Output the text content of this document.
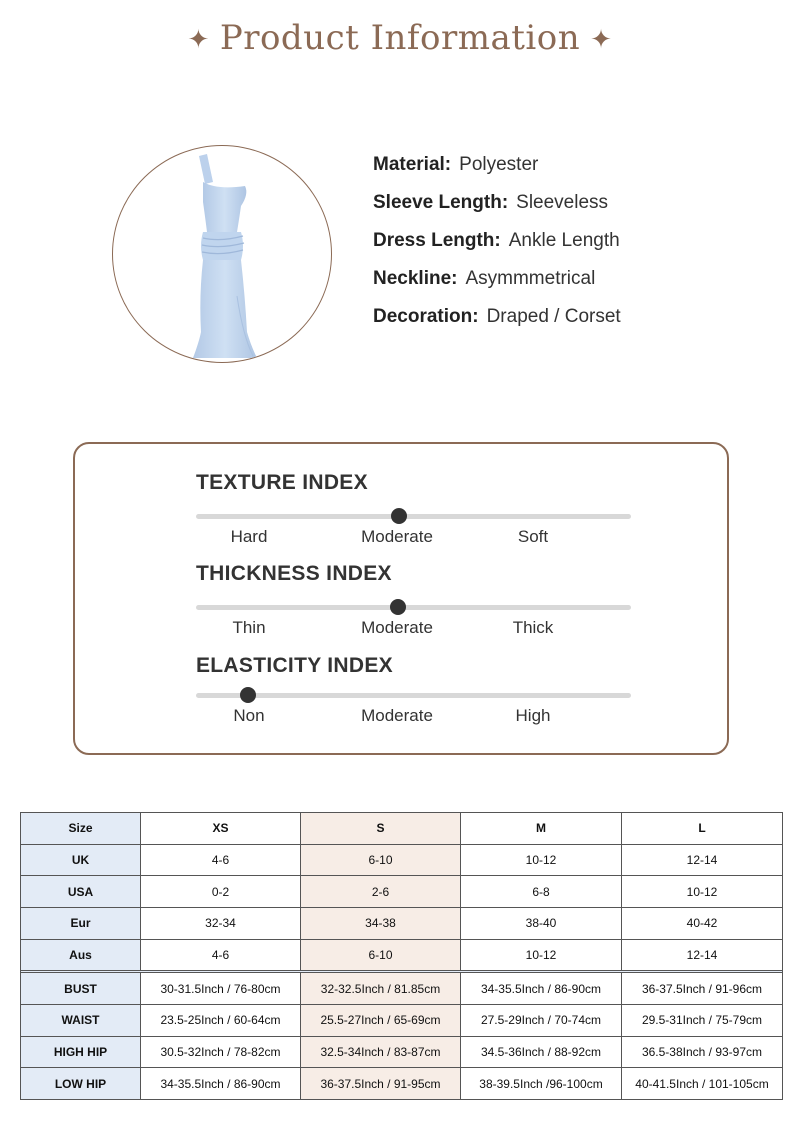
✦ Product Information ✦
Material: Polyester
Sleeve Length: Sleeveless
Dress Length: Ankle Length
Neckline: Asymmmetrical
Decoration: Draped / Corset
TEXTURE INDEX
Hard	Moderate	Soft
THICKNESS INDEX
Thin	Moderate	Thick
ELASTICITY INDEX
Non	Moderate	High
Size	XS	S	M	L
UK	4-6	6-10	10-12	12-14
USA	0-2	2-6	6-8	10-12
Eur	32-34	34-38	38-40	40-42
Aus	4-6	6-10	10-12	12-14

BUST	30-31.5Inch / 76-80cm	32-32.5Inch / 81.85cm	34-35.5Inch / 86-90cm	36-37.5Inch / 91-96cm
WAIST	23.5-25Inch / 60-64cm	25.5-27Inch / 65-69cm	27.5-29Inch / 70-74cm	29.5-31Inch / 75-79cm
HIGH HIP	30.5-32Inch / 78-82cm	32.5-34Inch / 83-87cm	34.5-36Inch / 88-92cm	36.5-38Inch / 93-97cm
LOW HIP	34-35.5Inch / 86-90cm	36-37.5Inch / 91-95cm	38-39.5Inch /96-100cm	40-41.5Inch / 101-105cm
